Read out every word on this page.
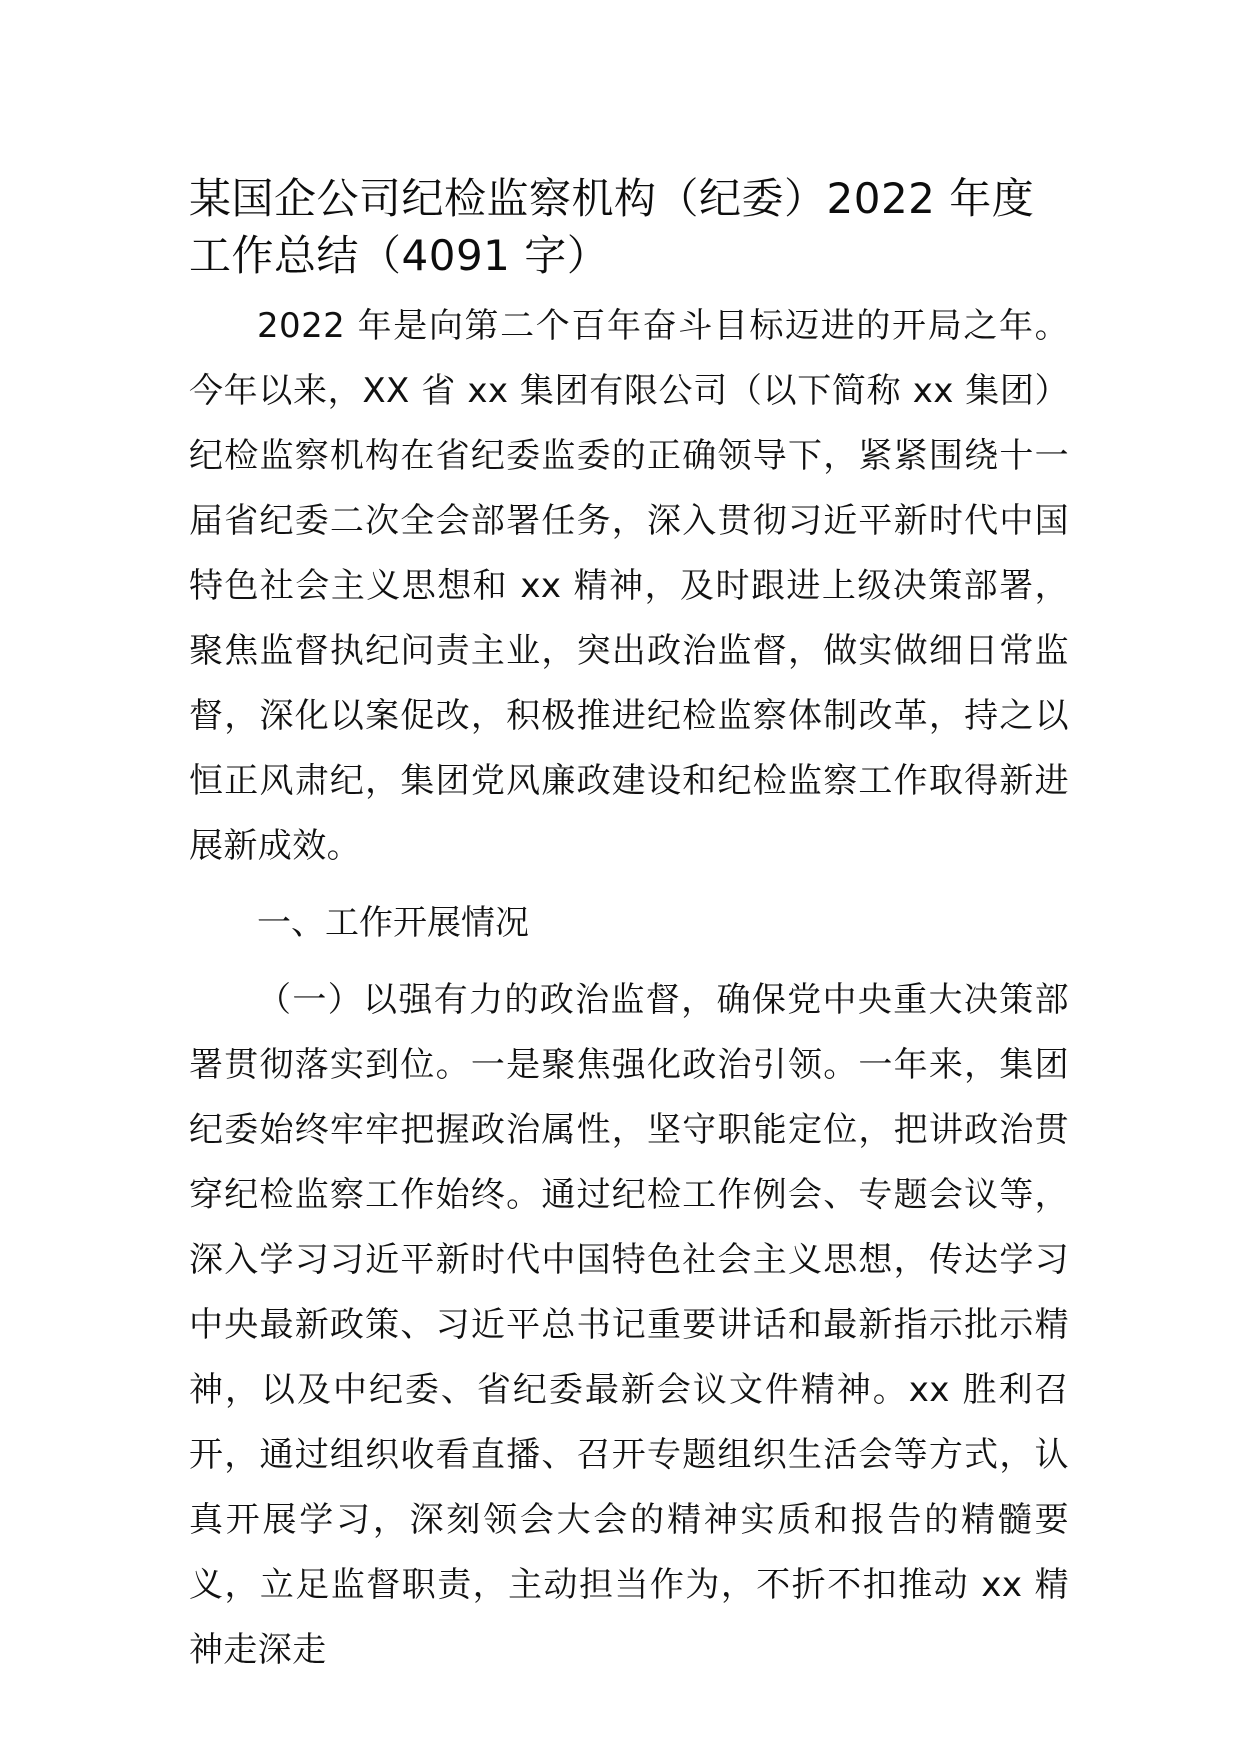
某国企公司纪检监察机构（纪委）2022 年度工作总结（4091 字）

2022 年是向第二个百年奋斗目标迈进的开局之年。今年以来，XX 省 xx 集团有限公司（以下简称 xx 集团）纪检监察机构在省纪委监委的正确领导下，紧紧围绕十一届省纪委二次全会部署任务，深入贯彻习近平新时代中国特色社会主义思想和 xx 精神，及时跟进上级决策部署，聚焦监督执纪问责主业，突出政治监督，做实做细日常监督，深化以案促改，积极推进纪检监察体制改革，持之以恒正风肃纪，集团党风廉政建设和纪检监察工作取得新进展新成效。

一、工作开展情况

（一）以强有力的政治监督，确保党中央重大决策部署贯彻落实到位。一是聚焦强化政治引领。一年来，集团纪委始终牢牢把握政治属性，坚守职能定位，把讲政治贯穿纪检监察工作始终。通过纪检工作例会、专题会议等，深入学习习近平新时代中国特色社会主义思想，传达学习中央最新政策、习近平总书记重要讲话和最新指示批示精神，以及中纪委、省纪委最新会议文件精神。xx 胜利召开，通过组织收看直播、召开专题组织生活会等方式，认真开展学习，深刻领会大会的精神实质和报告的精髓要义，立足监督职责，主动担当作为，不折不扣推动 xx 精神走深走
